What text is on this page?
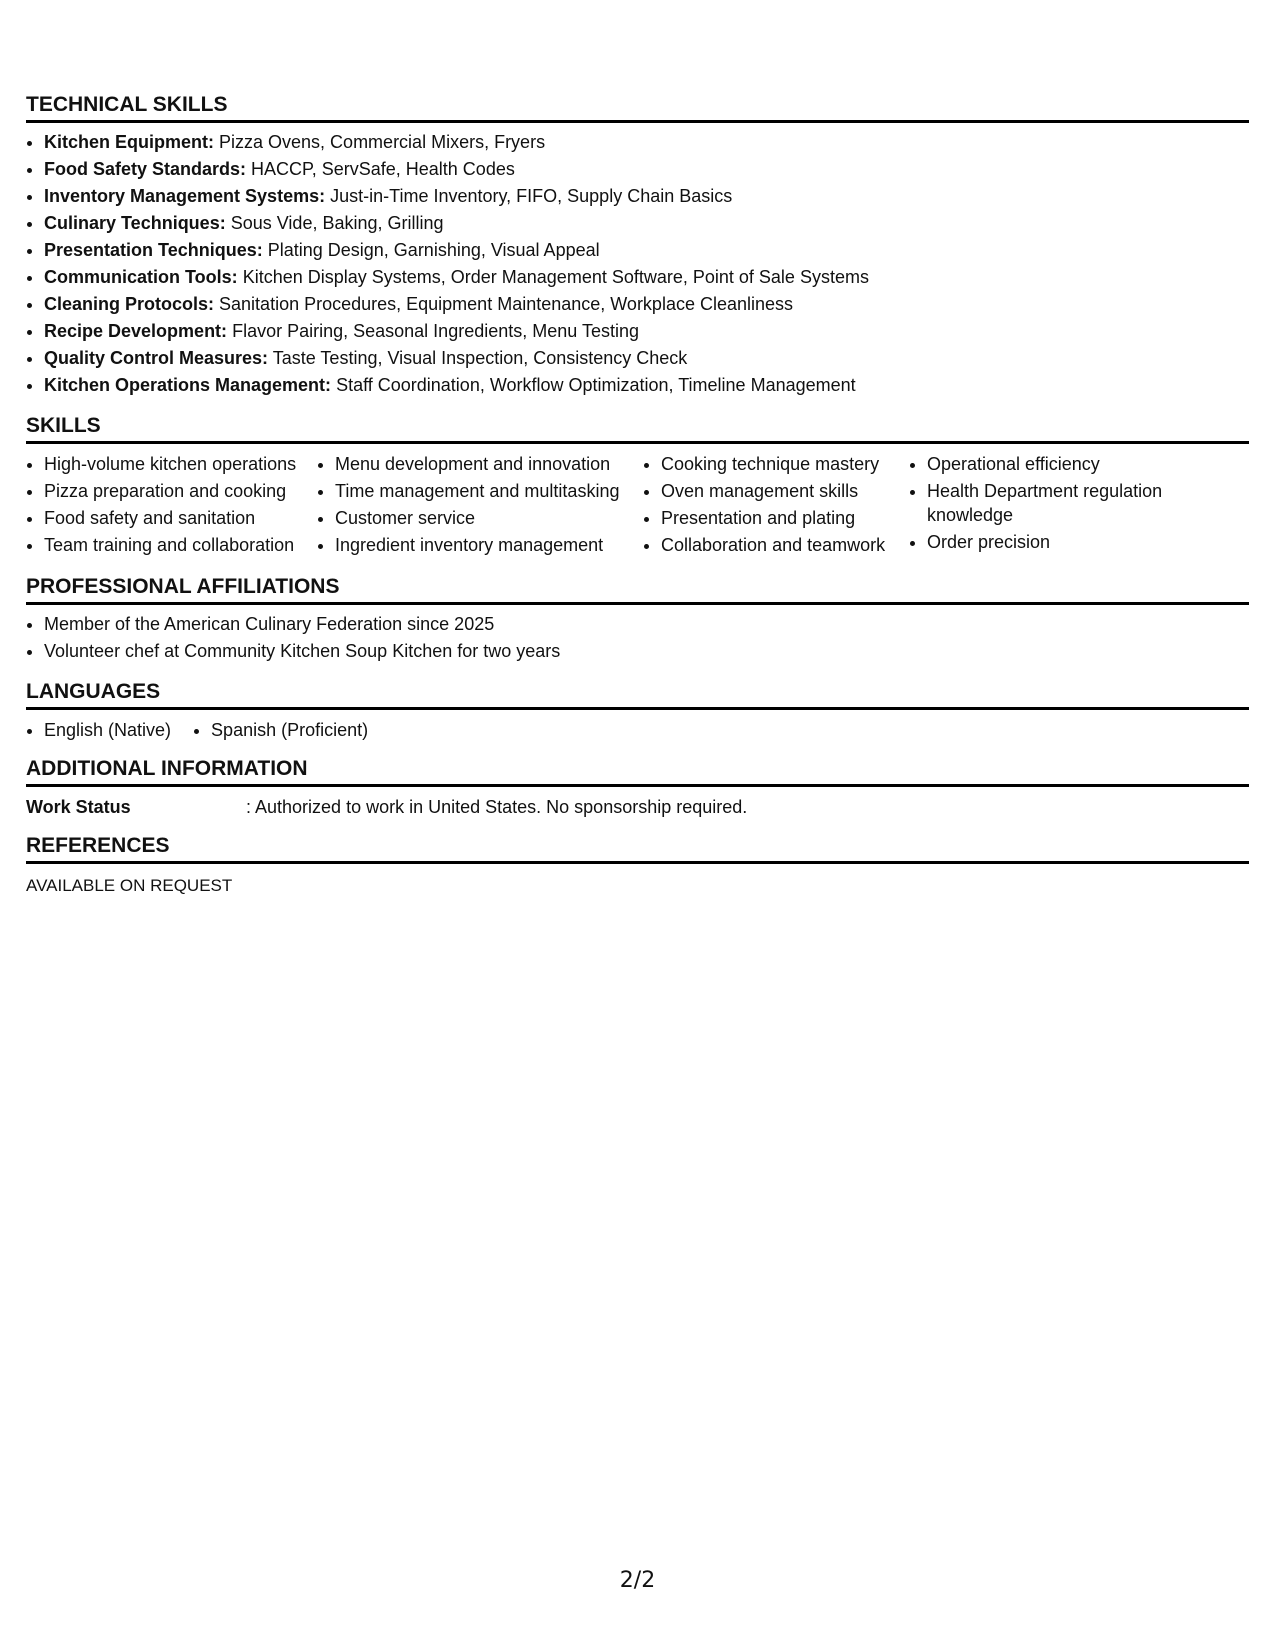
TECHNICAL SKILLS
• Kitchen Equipment: Pizza Ovens, Commercial Mixers, Fryers
• Food Safety Standards: HACCP, ServSafe, Health Codes
• Inventory Management Systems: Just-in-Time Inventory, FIFO, Supply Chain Basics
• Culinary Techniques: Sous Vide, Baking, Grilling
• Presentation Techniques: Plating Design, Garnishing, Visual Appeal
• Communication Tools: Kitchen Display Systems, Order Management Software, Point of Sale Systems
• Cleaning Protocols: Sanitation Procedures, Equipment Maintenance, Workplace Cleanliness
• Recipe Development: Flavor Pairing, Seasonal Ingredients, Menu Testing
• Quality Control Measures: Taste Testing, Visual Inspection, Consistency Check
• Kitchen Operations Management: Staff Coordination, Workflow Optimization, Timeline Management
SKILLS
• High-volume kitchen operations
• Pizza preparation and cooking
• Food safety and sanitation
• Team training and collaboration
• Menu development and innovation
• Time management and multitasking
• Customer service
• Ingredient inventory management
• Cooking technique mastery
• Oven management skills
• Presentation and plating
• Collaboration and teamwork
• Operational efficiency
• Health Department regulation knowledge
• Order precision
PROFESSIONAL AFFILIATIONS
• Member of the American Culinary Federation since 2025
• Volunteer chef at Community Kitchen Soup Kitchen for two years
LANGUAGES
• English (Native)
• Spanish (Proficient)
ADDITIONAL INFORMATION
Work Status	: Authorized to work in United States. No sponsorship required.
REFERENCES
AVAILABLE ON REQUEST
2/2
